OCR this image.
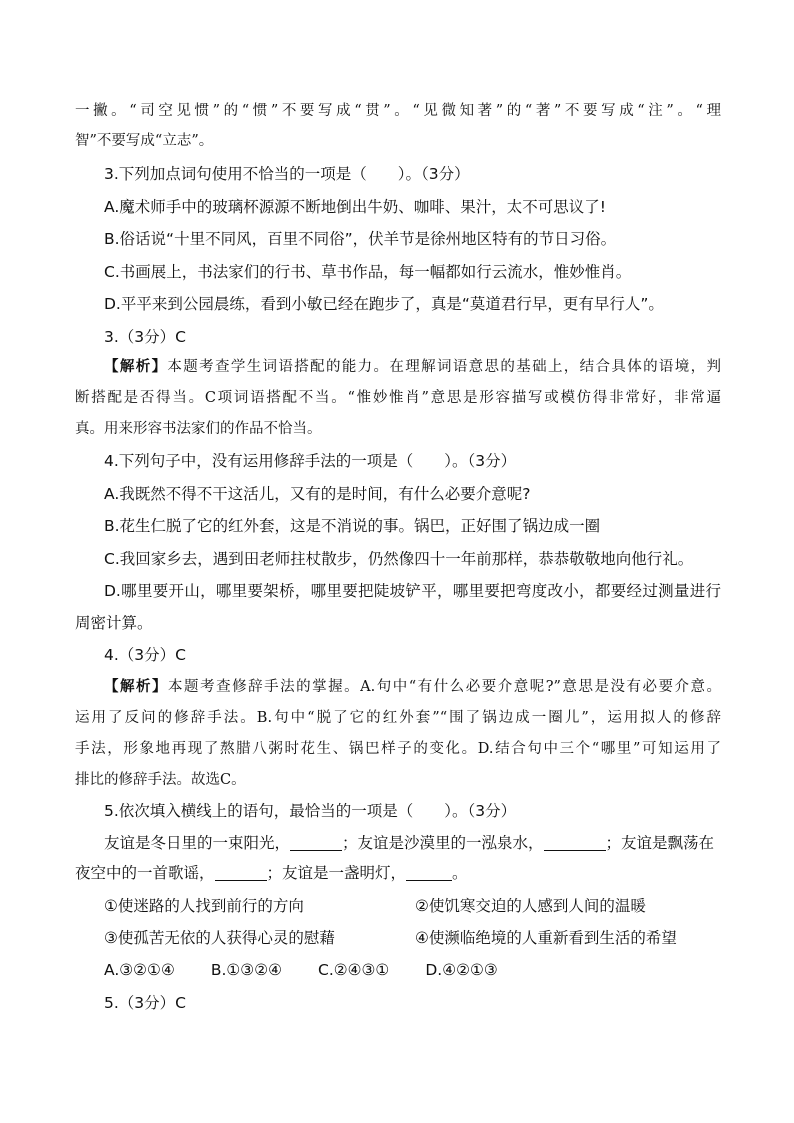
一撇。“司空见惯”的“惯”不要写成“贯”。“见微知著”的“著”不要写成“注”。“理
智”不要写成“立志”。
3.下列加点词句使用不恰当的一项是（　　）。（3分）
A.魔术师手中的玻璃杯源源不断地倒出牛奶、咖啡、果汁，太不可思议了!
B.俗话说“十里不同风，百里不同俗”，伏羊节是徐州地区特有的节日习俗。
C.书画展上，书法家们的行书、草书作品，每一幅都如行云流水，惟妙惟肖。
D.平平来到公园晨练，看到小敏已经在跑步了，真是“莫道君行早，更有早行人”。
3.（3分）C
【解析】本题考查学生词语搭配的能力。在理解词语意思的基础上，结合具体的语境，判
断搭配是否得当。C项词语搭配不当。“惟妙惟肖”意思是形容描写或模仿得非常好，非常逼
真。用来形容书法家们的作品不恰当。
4.下列句子中，没有运用修辞手法的一项是（　　）。（3分）
A.我既然不得不干这活儿，又有的是时间，有什么必要介意呢?
B.花生仁脱了它的红外套，这是不消说的事。锅巴，正好围了锅边成一圈
C.我回家乡去，遇到田老师拄杖散步，仍然像四十一年前那样，恭恭敬敬地向他行礼。
D.哪里要开山，哪里要架桥，哪里要把陡坡铲平，哪里要把弯度改小，都要经过测量进行
周密计算。
4.（3分）C
【解析】本题考查修辞手法的掌握。A.句中“有什么必要介意呢?”意思是没有必要介意。
运用了反问的修辞手法。B.句中“脱了它的红外套”“围了锅边成一圈儿”，运用拟人的修辞
手法，形象地再现了熬腊八粥时花生、锅巴样子的变化。D.结合句中三个“哪里”可知运用了
排比的修辞手法。故选C。
5.依次填入横线上的语句，最恰当的一项是（　　）。（3分）
友谊是冬日里的一束阳光，	；友谊是沙漠里的一泓泉水，	；友谊是飘荡在
夜空中的一首歌谣，	；友谊是一盏明灯，	。
①使迷路的人找到前行的方向	②使饥寒交迫的人感到人间的温暖
③使孤苦无依的人获得心灵的慰藉	④使濒临绝境的人重新看到生活的希望
A.③②①④ B.①③②④ C.②④③① D.④②①③
5.（3分）C
